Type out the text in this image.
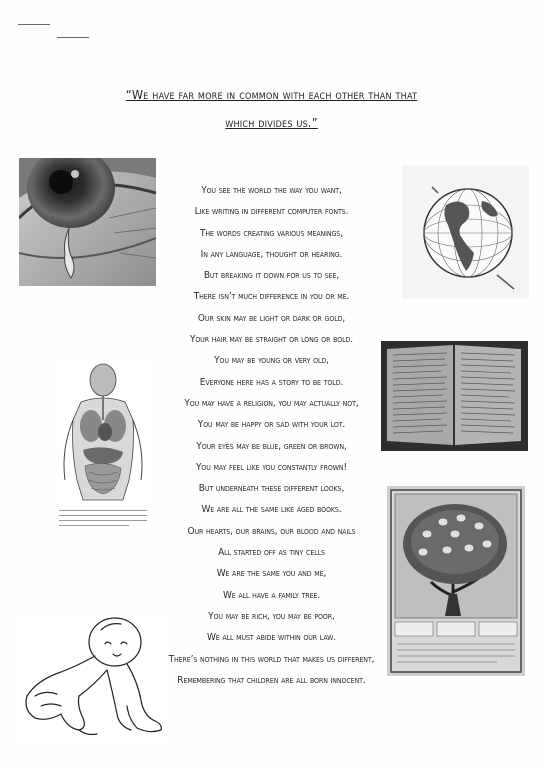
“We have far more in common with each other than that
which divides us.”
You see the world the way you want,
Like writing in different computer fonts.
The words creating various meanings,
In any language, thought or hearing.
But breaking it down for us to see,
There isn’t much difference in you or me.
Our skin may be light or dark or gold,
Your hair may be straight or long or bold.
You may be young or very old,
Everyone here has a story to be told.
You may have a religion, you may actually not,
You may be happy or sad with your lot.
Your eyes may be blue, green or brown,
You may feel like you constantly frown!
But underneath these different looks,
We are all the same like aged books.
Our hearts, our brains, our blood and nails
All started off as tiny cells
We are the same you and me,
We all have a family tree.
You may be rich, you may be poor,
We all must abide within our law.
There’s nothing in this world that makes us different,
Remembering that children are all born innocent.
